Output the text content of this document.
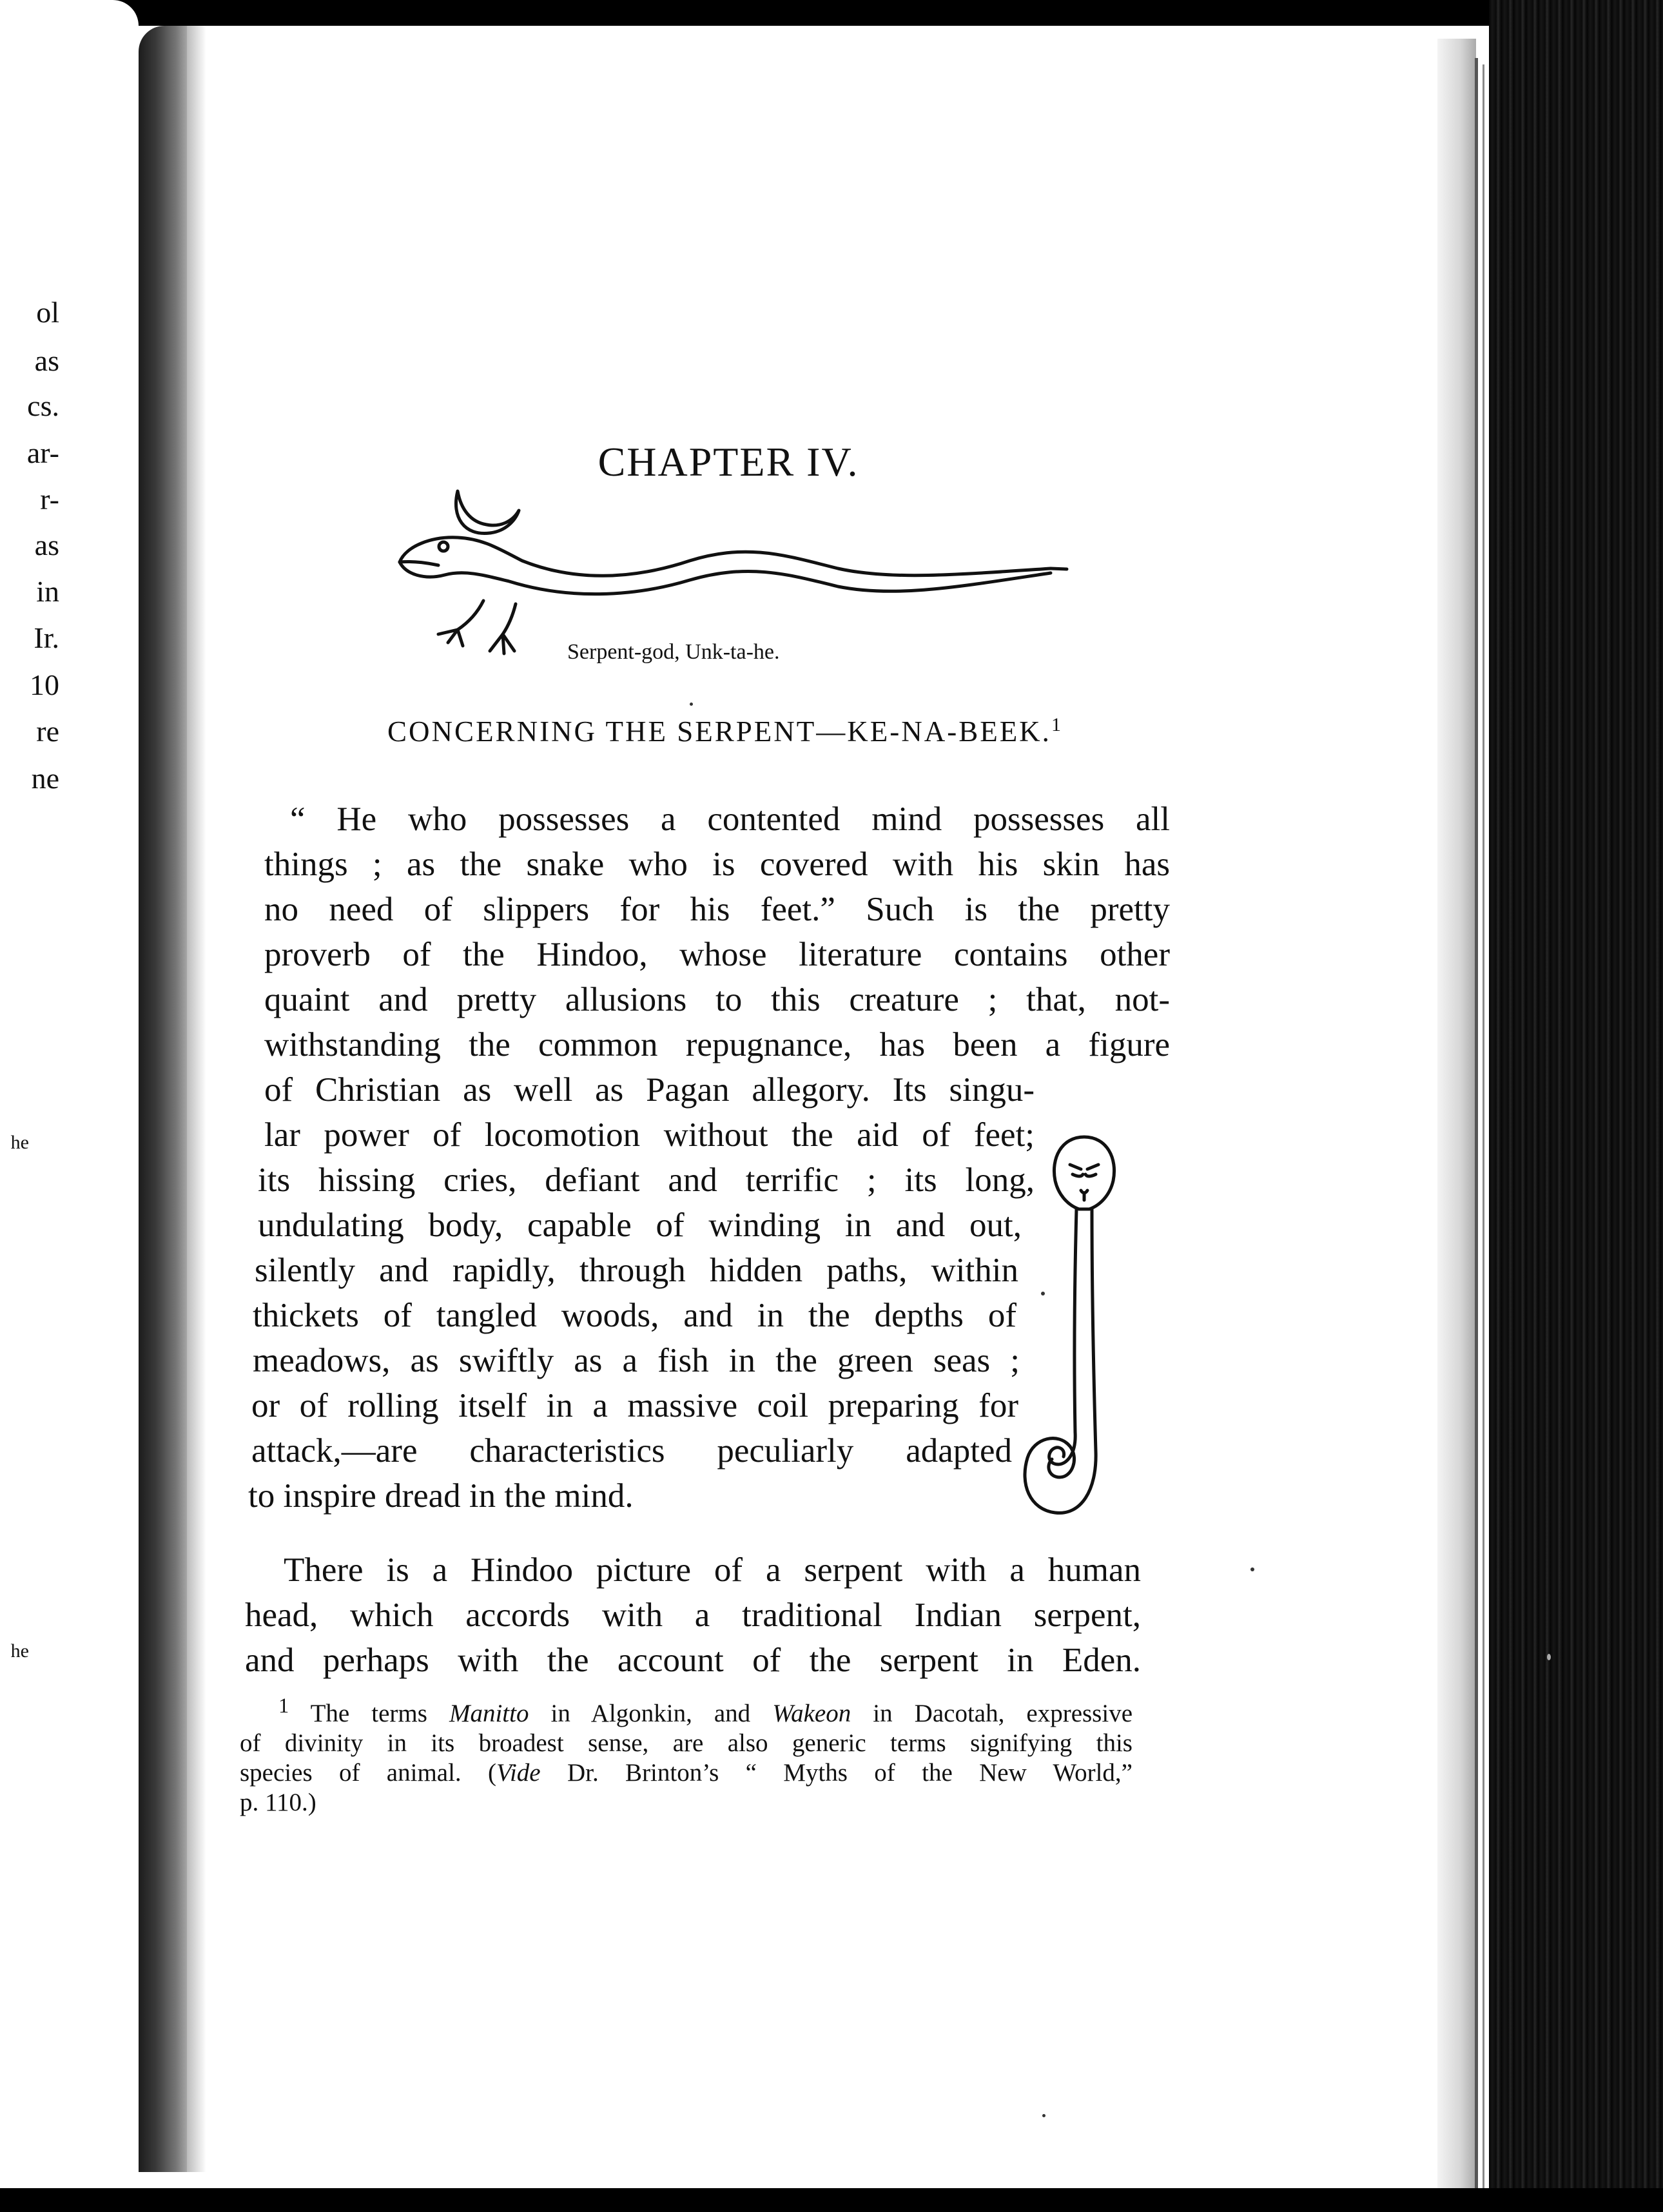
ol
as
cs.
ar-
r-
as
in
Ir.
10
re
ne
he
he
CHAPTER IV.
Serpent-god, Unk-ta-he.
CONCERNING THE SERPENT—KE-NA-BEEK.$^1$
“ He who possesses a contented mind possesses all
things ; as the snake who is covered with his skin has
no need of slippers for his feet.” Such is the pretty
proverb of the Hindoo, whose literature contains other
quaint and pretty allusions to this creature ; that, not-
withstanding the common repugnance, has been a figure
of Christian as well as Pagan allegory. Its singu-
lar power of locomotion without the aid of feet;
its hissing cries, defiant and terrific ; its long,
undulating body, capable of winding in and out,
silently and rapidly, through hidden paths, within
thickets of tangled woods, and in the depths of
meadows, as swiftly as a fish in the green seas ;
or of rolling itself in a massive coil preparing for
attack,—are characteristics peculiarly adapted
to inspire dread in the mind.
There is a Hindoo picture of a serpent with a human
head, which accords with a traditional Indian serpent,
and perhaps with the account of the serpent in Eden.
$^1$ The terms Manitto in Algonkin, and Wakeon in Dacotah, expressive
of divinity in its broadest sense, are also generic terms signifying this
species of animal. (Vide Dr. Brinton’s “ Myths of the New World,”
p. 110.)
